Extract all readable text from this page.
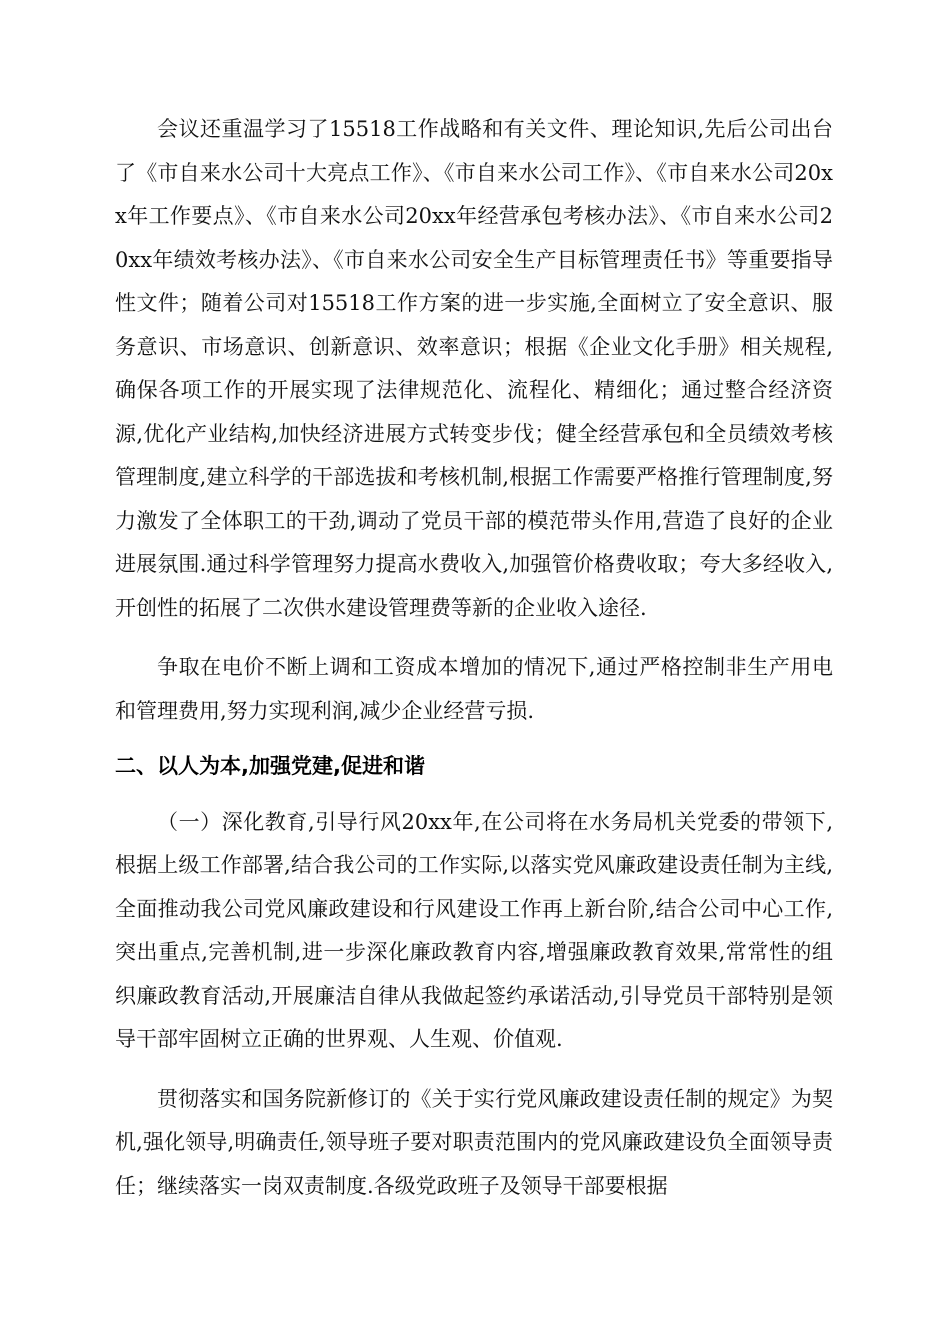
会议还重温学习了15518工作战略和有关文件、理论知识,先后公司出台了《市自来水公司十大亮点工作》、《市自来水公司工作》、《市自来水公司20xx年工作要点》、《市自来水公司20xx年经营承包考核办法》、《市自来水公司20xx年绩效考核办法》、《市自来水公司安全生产目标管理责任书》等重要指导性文件；随着公司对15518工作方案的进一步实施,全面树立了安全意识、服务意识、市场意识、创新意识、效率意识；根据《企业文化手册》相关规程,确保各项工作的开展实现了法律规范化、流程化、精细化；通过整合经济资源,优化产业结构,加快经济进展方式转变步伐；健全经营承包和全员绩效考核管理制度,建立科学的干部选拔和考核机制,根据工作需要严格推行管理制度,努力激发了全体职工的干劲,调动了党员干部的模范带头作用,营造了良好的企业进展氛围.通过科学管理努力提高水费收入,加强管价格费收取；夸大多经收入,开创性的拓展了二次供水建设管理费等新的企业收入途径.

争取在电价不断上调和工资成本增加的情况下,通过严格控制非生产用电和管理费用,努力实现利润,减少企业经营亏损.

二、以人为本,加强党建,促进和谐

（一）深化教育,引导行风20xx年,在公司将在水务局机关党委的带领下,根据上级工作部署,结合我公司的工作实际,以落实党风廉政建设责任制为主线,全面推动我公司党风廉政建设和行风建设工作再上新台阶,结合公司中心工作,突出重点,完善机制,进一步深化廉政教育内容,增强廉政教育效果,常常性的组织廉政教育活动,开展廉洁自律从我做起签约承诺活动,引导党员干部特别是领导干部牢固树立正确的世界观、人生观、价值观.

贯彻落实和国务院新修订的《关于实行党风廉政建设责任制的规定》为契机,强化领导,明确责任,领导班子要对职责范围内的党风廉政建设负全面领导责任；继续落实一岗双责制度.各级党政班子及领导干部要根据
